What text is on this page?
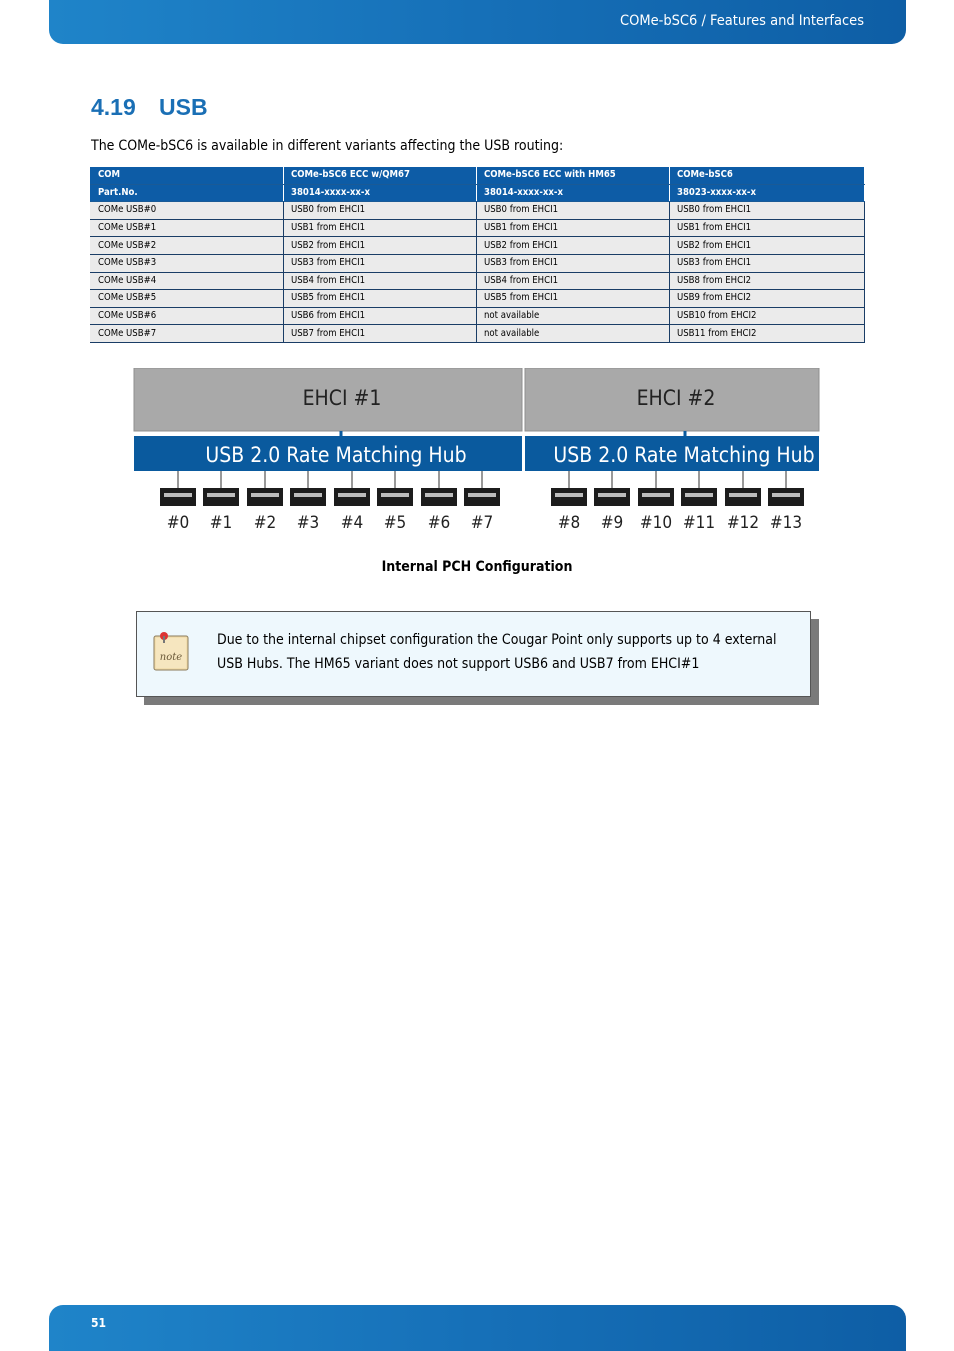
COMe-bSC6 / Features and Interfaces
4.19 USB
The COMe-bSC6 is available in different variants affecting the USB routing:
COM	COMe-bSC6 ECC w/QM67	COMe-bSC6 ECC with HM65	COMe-bSC6
Part.No.	38014-xxxx-xx-x	38014-xxxx-xx-x	38023-xxxx-xx-x
COMe USB#0	USB0 from EHCI1	USB0 from EHCI1	USB0 from EHCI1
COMe USB#1	USB1 from EHCI1	USB1 from EHCI1	USB1 from EHCI1
COMe USB#2	USB2 from EHCI1	USB2 from EHCI1	USB2 from EHCI1
COMe USB#3	USB3 from EHCI1	USB3 from EHCI1	USB3 from EHCI1
COMe USB#4	USB4 from EHCI1	USB4 from EHCI1	USB8 from EHCI2
COMe USB#5	USB5 from EHCI1	USB5 from EHCI1	USB9 from EHCI2
COMe USB#6	USB6 from EHCI1	not available	USB10 from EHCI2
COMe USB#7	USB7 from EHCI1	not available	USB11 from EHCI2
EHCI #1
USB 2.0 Rate Matching Hub
#0 #1 #2 #3 #4 #5 #6 #7
EHCI #2
USB 2.0 Rate Matching Hub
#8 #9 #10 #11 #12 #13
Internal PCH Configuration
note
Due to the internal chipset configuration the Cougar Point only supports up to 4 external USB Hubs. The HM65 variant does not support USB6 and USB7 from EHCI#1
51
